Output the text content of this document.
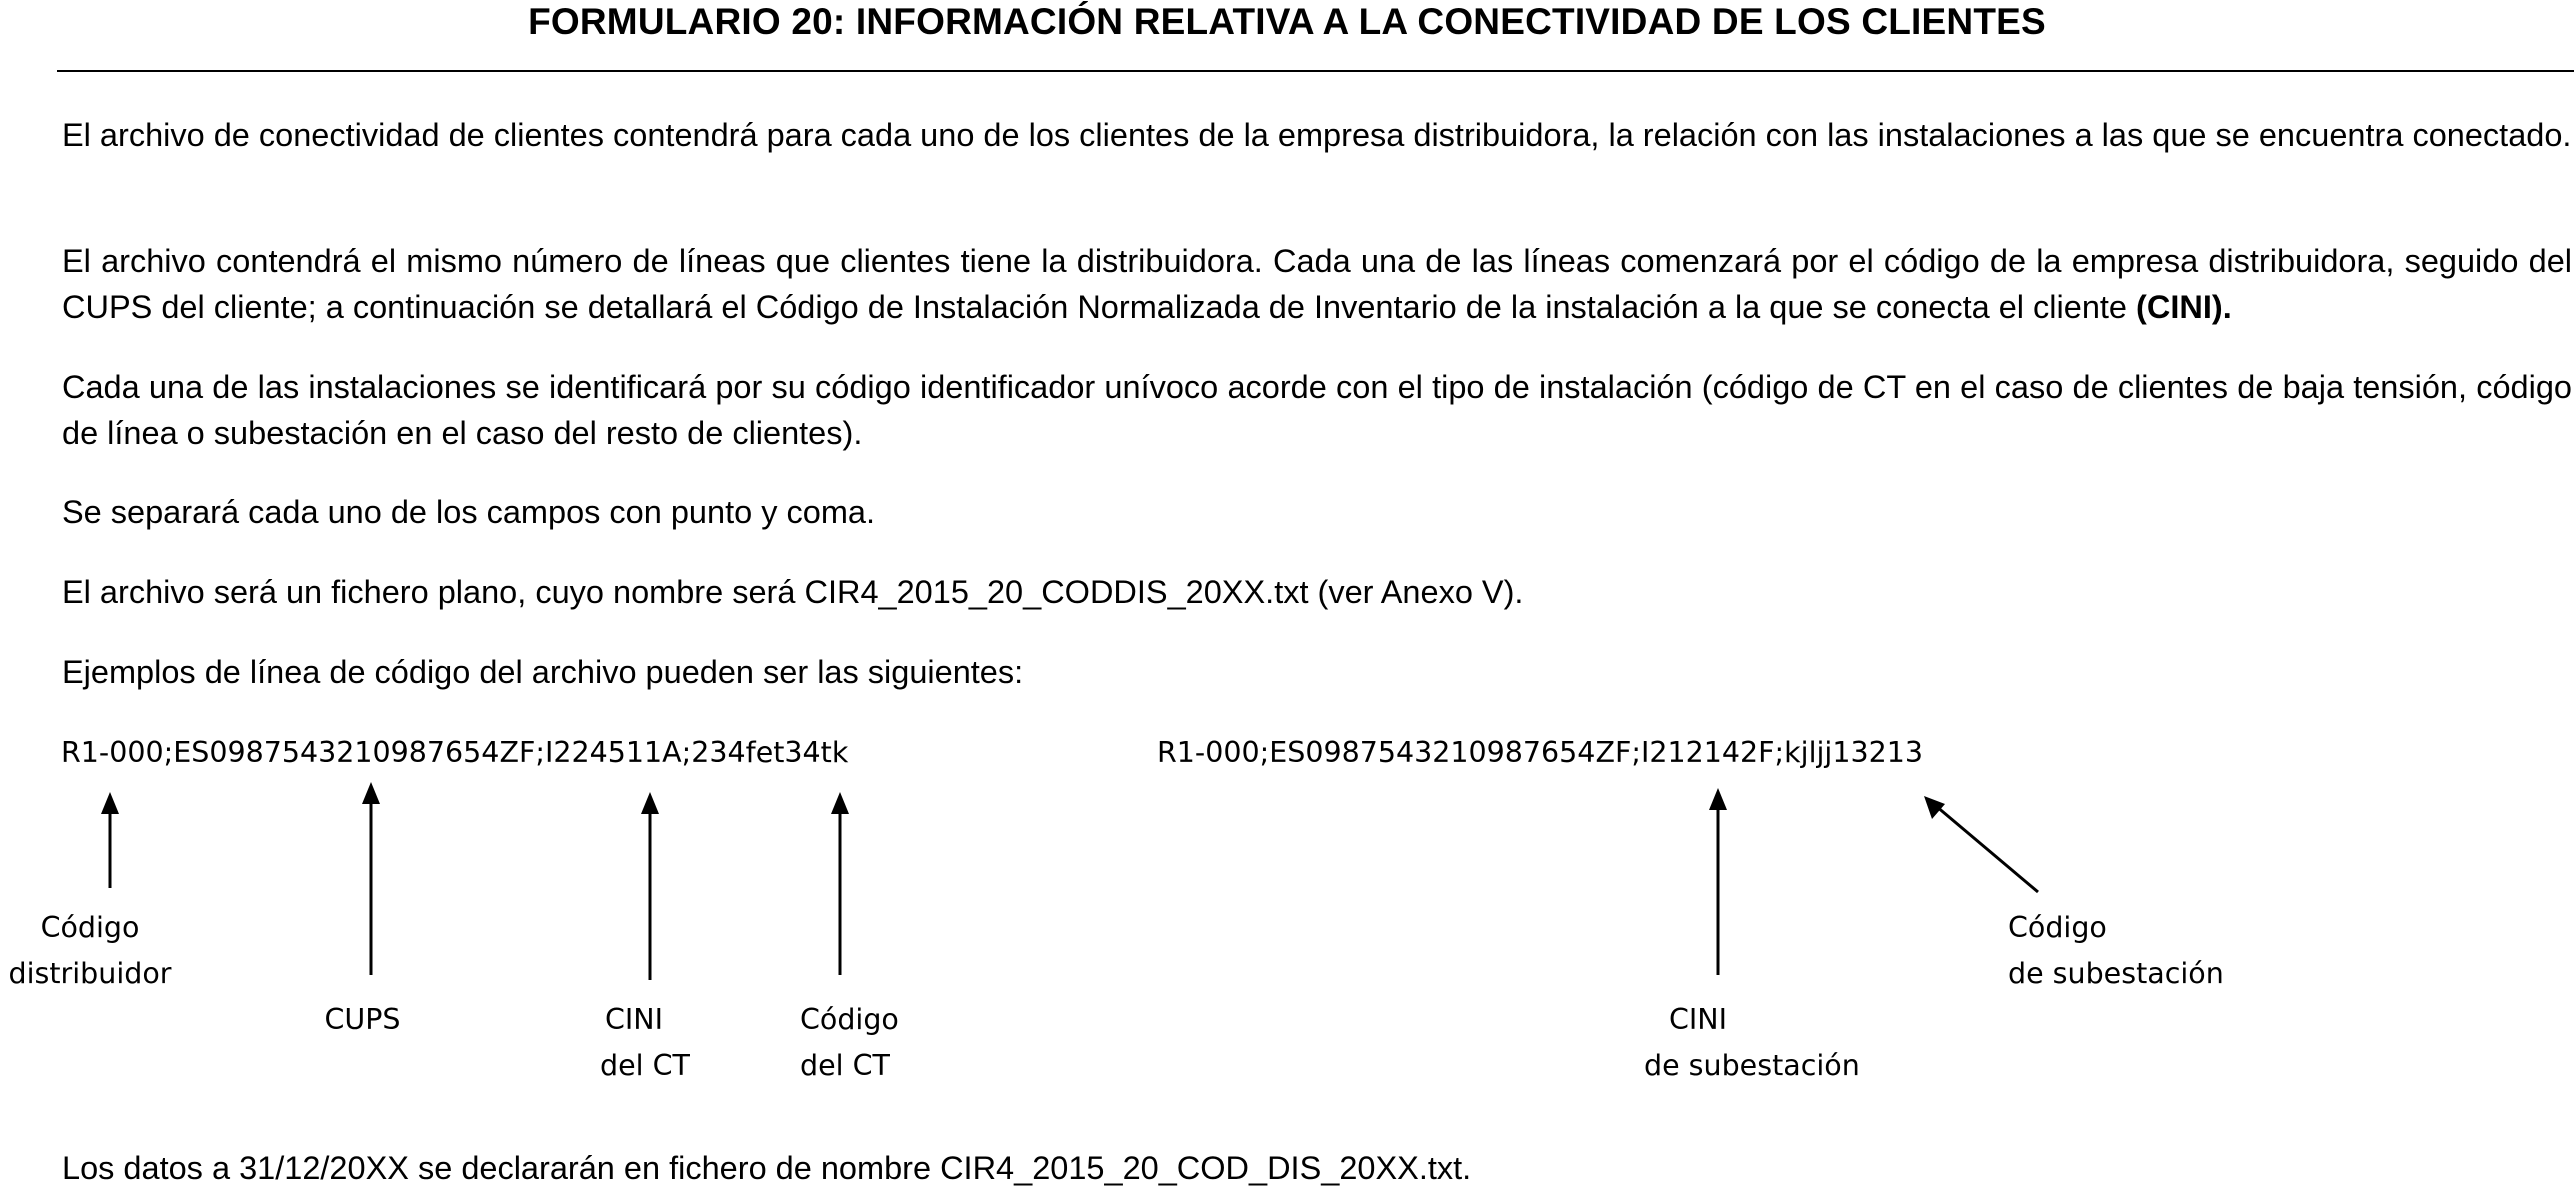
FORMULARIO 20: INFORMACIÓN RELATIVA A LA CONECTIVIDAD DE LOS CLIENTES

El archivo de conectividad de clientes contendrá para cada uno de los clientes de la empresa distribuidora, la relación con las instalaciones a las que se encuentra conectado.

El archivo contendrá el mismo número de líneas que clientes tiene la distribuidora. Cada una de las líneas comenzará por el código de la empresa distribuidora, seguido del CUPS del cliente; a continuación se detallará el Código de Instalación Normalizada de Inventario de la instalación a la que se conecta el cliente (CINI).

Cada una de las instalaciones se identificará por su código identificador unívoco acorde con el tipo de instalación (código de CT en el caso de clientes de baja tensión, código de línea o subestación en el caso del resto de clientes).

Se separará cada uno de los campos con punto y coma.

El archivo será un fichero plano, cuyo nombre será CIR4_2015_20_CODDIS_20XX.txt (ver Anexo V).

Ejemplos de línea de código del archivo pueden ser las siguientes:

R1-000;ES0987543210987654ZF;I224511A;234fet34tk	R1-000;ES0987543210987654ZF;I212142F;kjljj13213
Código
distribuidor
CUPS	CINI
del CT
Código
del CT
CINI
de subestación
Código
de subestación

Los datos a 31/12/20XX se declararán en fichero de nombre CIR4_2015_20_COD_DIS_20XX.txt.
